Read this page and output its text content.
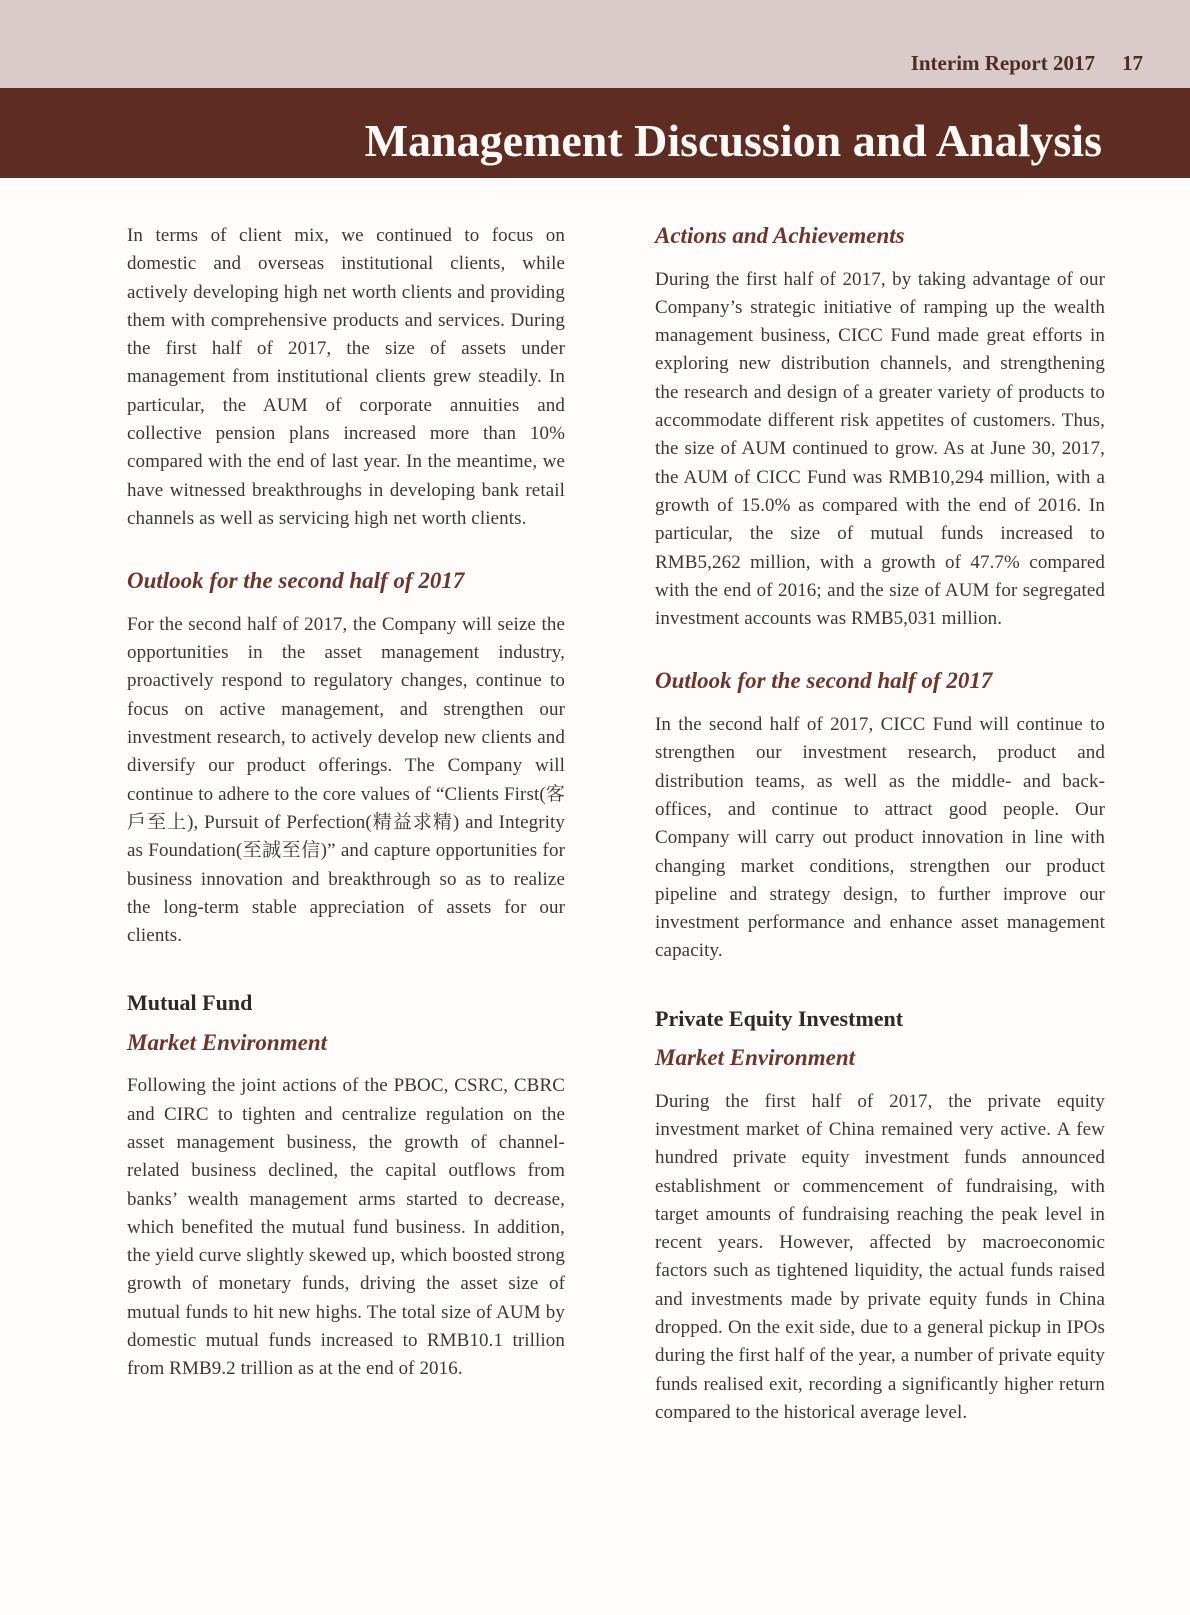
Interim Report 2017 17
Management Discussion and Analysis

In terms of client mix, we continued to focus on domestic and overseas institutional clients, while actively developing high net worth clients and providing them with comprehensive products and services. During the first half of 2017, the size of assets under management from institutional clients grew steadily. In particular, the AUM of corporate annuities and collective pension plans increased more than 10% compared with the end of last year. In the meantime, we have witnessed breakthroughs in developing bank retail channels as well as servicing high net worth clients.

Outlook for the second half of 2017

For the second half of 2017, the Company will seize the opportunities in the asset management industry, proactively respond to regulatory changes, continue to focus on active management, and strengthen our investment research, to actively develop new clients and diversify our product offerings. The Company will continue to adhere to the core values of “Clients First(客戶至上), Pursuit of Perfection(精益求精) and Integrity as Foundation(至誠至信)” and capture opportunities for business innovation and breakthrough so as to realize the long-term stable appreciation of assets for our clients.

Mutual Fund
Market Environment

Following the joint actions of the PBOC, CSRC, CBRC and CIRC to tighten and centralize regulation on the asset management business, the growth of channel-related business declined, the capital outflows from banks’ wealth management arms started to decrease, which benefited the mutual fund business. In addition, the yield curve slightly skewed up, which boosted strong growth of monetary funds, driving the asset size of mutual funds to hit new highs. The total size of AUM by domestic mutual funds increased to RMB10.1 trillion from RMB9.2 trillion as at the end of 2016.

Actions and Achievements

During the first half of 2017, by taking advantage of our Company’s strategic initiative of ramping up the wealth management business, CICC Fund made great efforts in exploring new distribution channels, and strengthening the research and design of a greater variety of products to accommodate different risk appetites of customers. Thus, the size of AUM continued to grow. As at June 30, 2017, the AUM of CICC Fund was RMB10,294 million, with a growth of 15.0% as compared with the end of 2016. In particular, the size of mutual funds increased to RMB5,262 million, with a growth of 47.7% compared with the end of 2016; and the size of AUM for segregated investment accounts was RMB5,031 million.

Outlook for the second half of 2017

In the second half of 2017, CICC Fund will continue to strengthen our investment research, product and distribution teams, as well as the middle- and back-offices, and continue to attract good people. Our Company will carry out product innovation in line with changing market conditions, strengthen our product pipeline and strategy design, to further improve our investment performance and enhance asset management capacity.

Private Equity Investment
Market Environment

During the first half of 2017, the private equity investment market of China remained very active. A few hundred private equity investment funds announced establishment or commencement of fundraising, with target amounts of fundraising reaching the peak level in recent years. However, affected by macroeconomic factors such as tightened liquidity, the actual funds raised and investments made by private equity funds in China dropped. On the exit side, due to a general pickup in IPOs during the first half of the year, a number of private equity funds realised exit, recording a significantly higher return compared to the historical average level.
